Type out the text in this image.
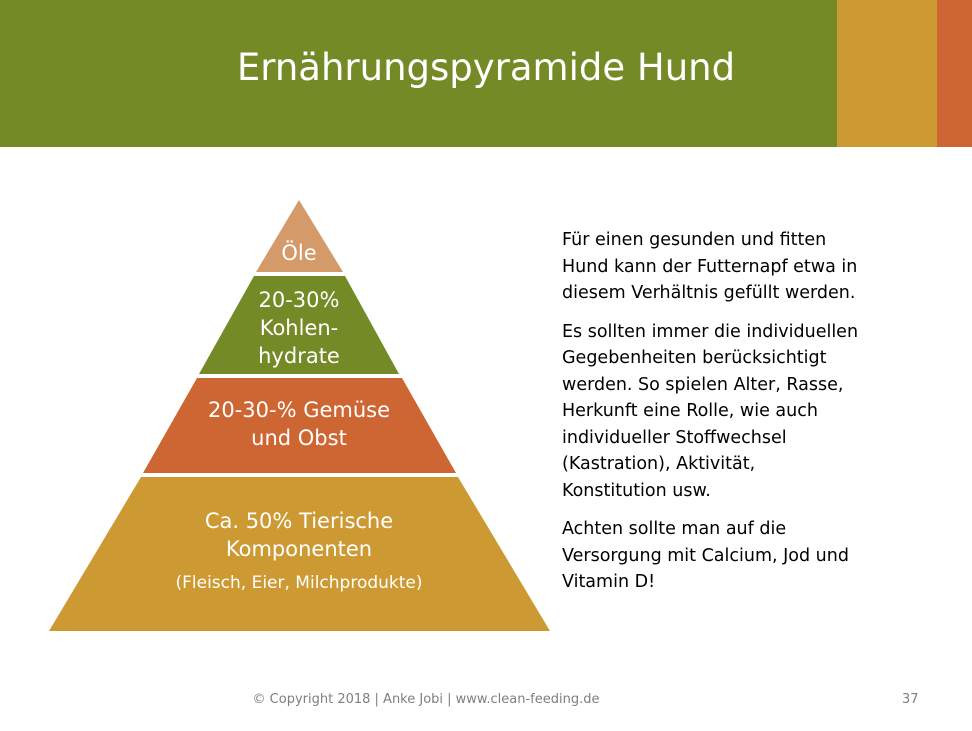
Ernährungspyramide Hund
Öle
20-30%
Kohlen-
hydrate
20-30-% Gemüse
und Obst
Ca. 50% Tierische
Komponenten
(Fleisch, Eier, Milchprodukte)

Für einen gesunden und fitten Hund kann der Futternapf etwa in diesem Verhältnis gefüllt werden.

Es sollten immer die individuellen Gegebenheiten berücksichtigt werden. So spielen Alter, Rasse, Herkunft eine Rolle, wie auch individueller Stoffwechsel (Kastration), Aktivität, Konstitution usw.

Achten sollte man auf die Versorgung mit Calcium, Jod und Vitamin D!

© Copyright 2018 | Anke Jobi | www.clean-feeding.de	37
